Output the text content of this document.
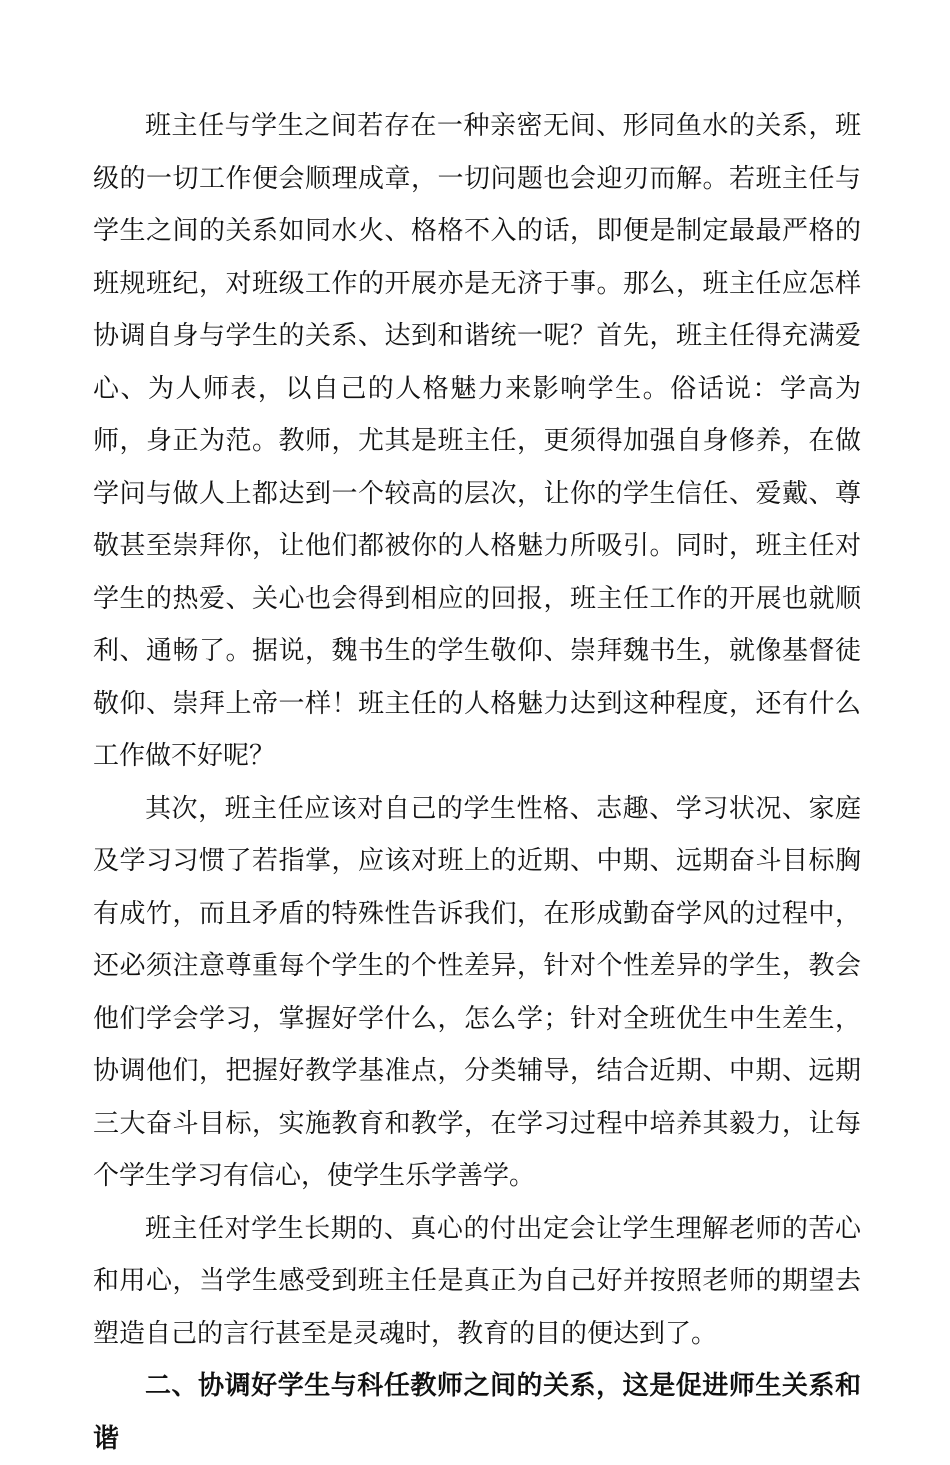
班主任与学生之间若存在一种亲密无间、形同鱼水的关系，班级的一切工作便会顺理成章，一切问题也会迎刃而解。若班主任与学生之间的关系如同水火、格格不入的话，即便是制定最最严格的班规班纪，对班级工作的开展亦是无济于事。那么，班主任应怎样协调自身与学生的关系、达到和谐统一呢？首先，班主任得充满爱心、为人师表，以自己的人格魅力来影响学生。俗话说：学高为师，身正为范。教师，尤其是班主任，更须得加强自身修养，在做学问与做人上都达到一个较高的层次，让你的学生信任、爱戴、尊敬甚至崇拜你，让他们都被你的人格魅力所吸引。同时，班主任对学生的热爱、关心也会得到相应的回报，班主任工作的开展也就顺利、通畅了。据说，魏书生的学生敬仰、崇拜魏书生，就像基督徒敬仰、崇拜上帝一样！班主任的人格魅力达到这种程度，还有什么工作做不好呢？

其次，班主任应该对自己的学生性格、志趣、学习状况、家庭及学习习惯了若指掌，应该对班上的近期、中期、远期奋斗目标胸有成竹，而且矛盾的特殊性告诉我们，在形成勤奋学风的过程中，还必须注意尊重每个学生的个性差异，针对个性差异的学生，教会他们学会学习，掌握好学什么，怎么学；针对全班优生中生差生，协调他们，把握好教学基准点，分类辅导，结合近期、中期、远期三大奋斗目标，实施教育和教学，在学习过程中培养其毅力，让每个学生学习有信心，使学生乐学善学。

班主任对学生长期的、真心的付出定会让学生理解老师的苦心和用心，当学生感受到班主任是真正为自己好并按照老师的期望去塑造自己的言行甚至是灵魂时，教育的目的便达到了。

二、协调好学生与科任教师之间的关系，这是促进师生关系和谐
